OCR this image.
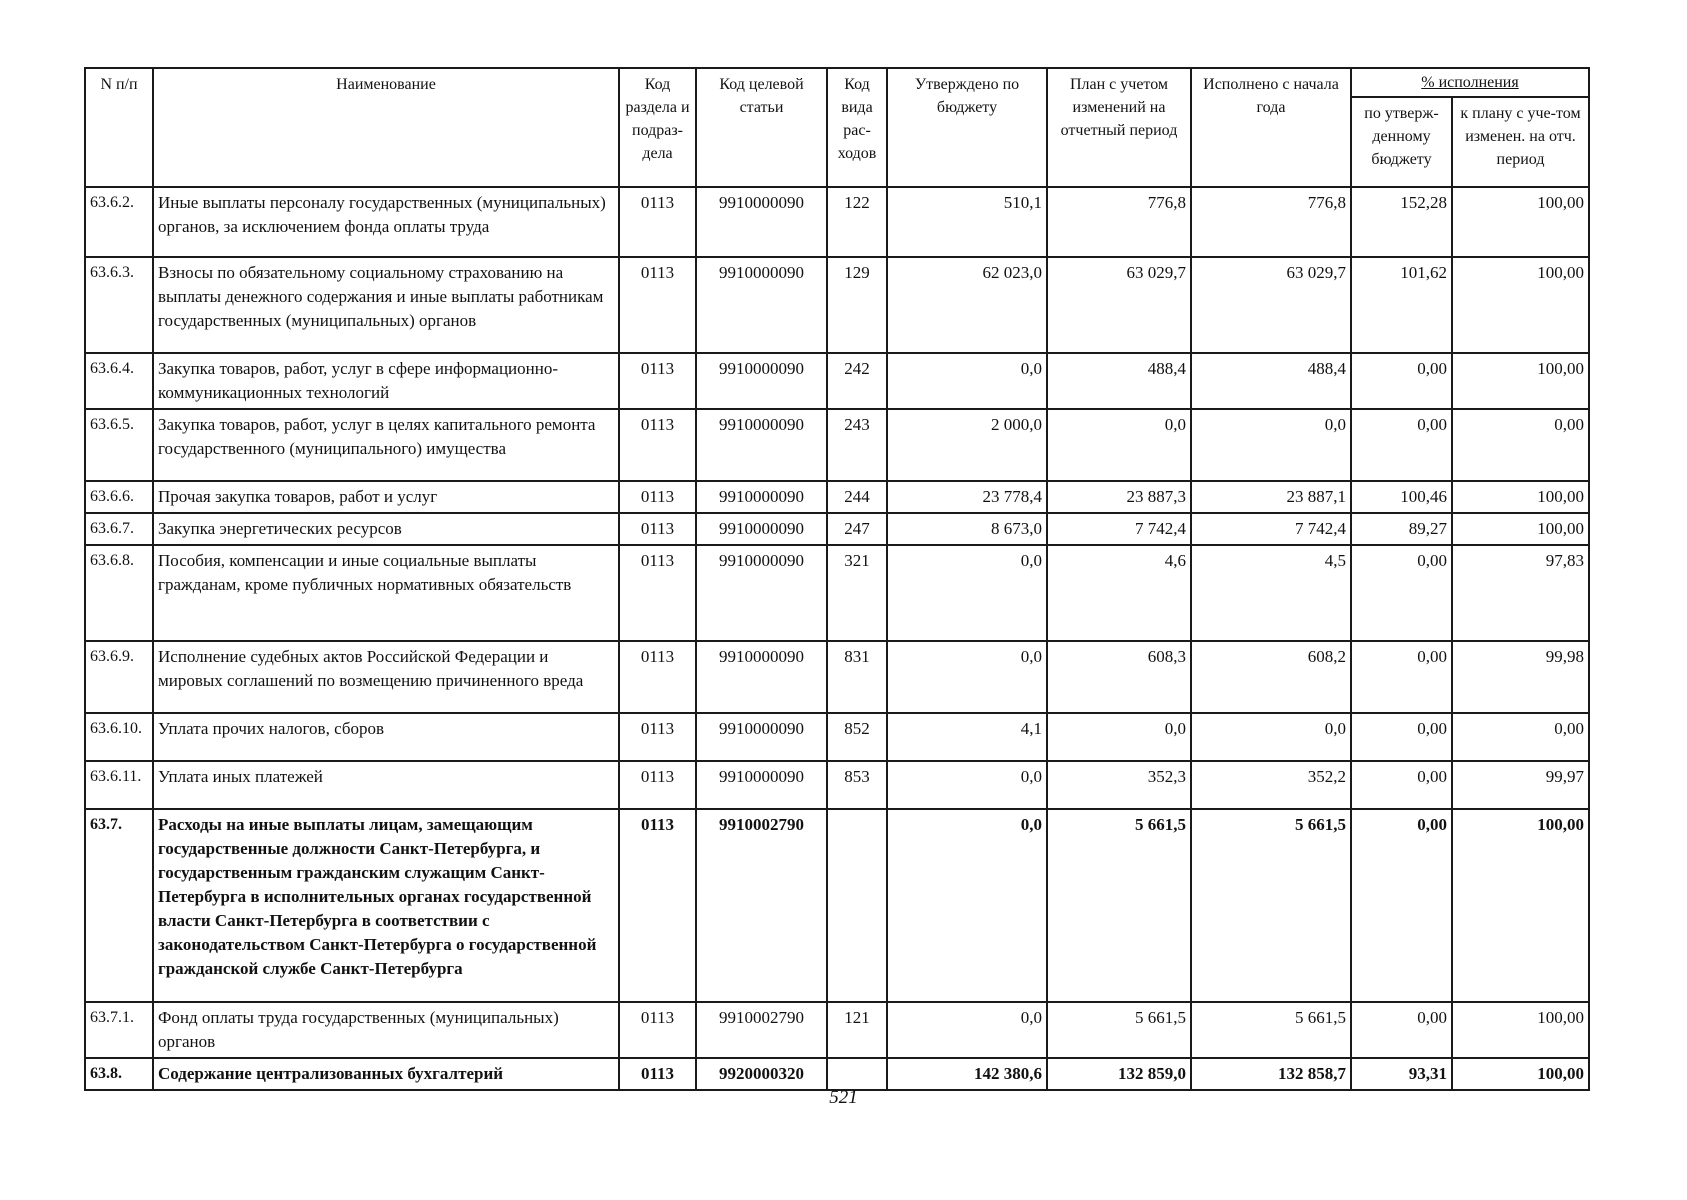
N п/п	Наименование	Код раздела и подраз-дела	Код целевой статьи	Код вида рас-ходов	Утверждено по бюджету	План с учетом изменений на отчетный период	Исполнено с начала года	% исполнения	
								по утверж-денному бюджету	к плану с уче-том изменен. на отч. период
63.6.2.	Иные выплаты персоналу государственных (муниципальных) органов, за исключением фонда оплаты труда	0113	9910000090	122	510,1	776,8	776,8	152,28	100,00
63.6.3.	Взносы по обязательному социальному страхованию на выплаты денежного содержания и иные выплаты работникам государственных (муниципальных) органов	0113	9910000090	129	62 023,0	63 029,7	63 029,7	101,62	100,00
63.6.4.	Закупка товаров, работ, услуг в сфере информационно-коммуникационных технологий	0113	9910000090	242	0,0	488,4	488,4	0,00	100,00
63.6.5.	Закупка товаров, работ, услуг в целях капитального ремонта государственного (муниципального) имущества	0113	9910000090	243	2 000,0	0,0	0,0	0,00	0,00
63.6.6.	Прочая закупка товаров, работ и услуг	0113	9910000090	244	23 778,4	23 887,3	23 887,1	100,46	100,00
63.6.7.	Закупка энергетических ресурсов	0113	9910000090	247	8 673,0	7 742,4	7 742,4	89,27	100,00
63.6.8.	Пособия, компенсации и иные социальные выплаты гражданам, кроме публичных нормативных обязательств	0113	9910000090	321	0,0	4,6	4,5	0,00	97,83
63.6.9.	Исполнение судебных актов Российской Федерации и мировых соглашений по возмещению причиненного вреда	0113	9910000090	831	0,0	608,3	608,2	0,00	99,98
63.6.10.	Уплата прочих налогов, сборов	0113	9910000090	852	4,1	0,0	0,0	0,00	0,00
63.6.11.	Уплата иных платежей	0113	9910000090	853	0,0	352,3	352,2	0,00	99,97
63.7.	Расходы на иные выплаты лицам, замещающим государственные должности Санкт-Петербурга, и государственным гражданским служащим Санкт-Петербурга в исполнительных органах государственной власти Санкт-Петербурга в соответствии с законодательством Санкт-Петербурга о государственной гражданской службе Санкт-Петербурга	0113	9910002790		0,0	5 661,5	5 661,5	0,00	100,00
63.7.1.	Фонд оплаты труда государственных (муниципальных) органов	0113	9910002790	121	0,0	5 661,5	5 661,5	0,00	100,00
63.8.	Содержание централизованных бухгалтерий	0113	9920000320		142 380,6	132 859,0	132 858,7	93,31	100,00
521
